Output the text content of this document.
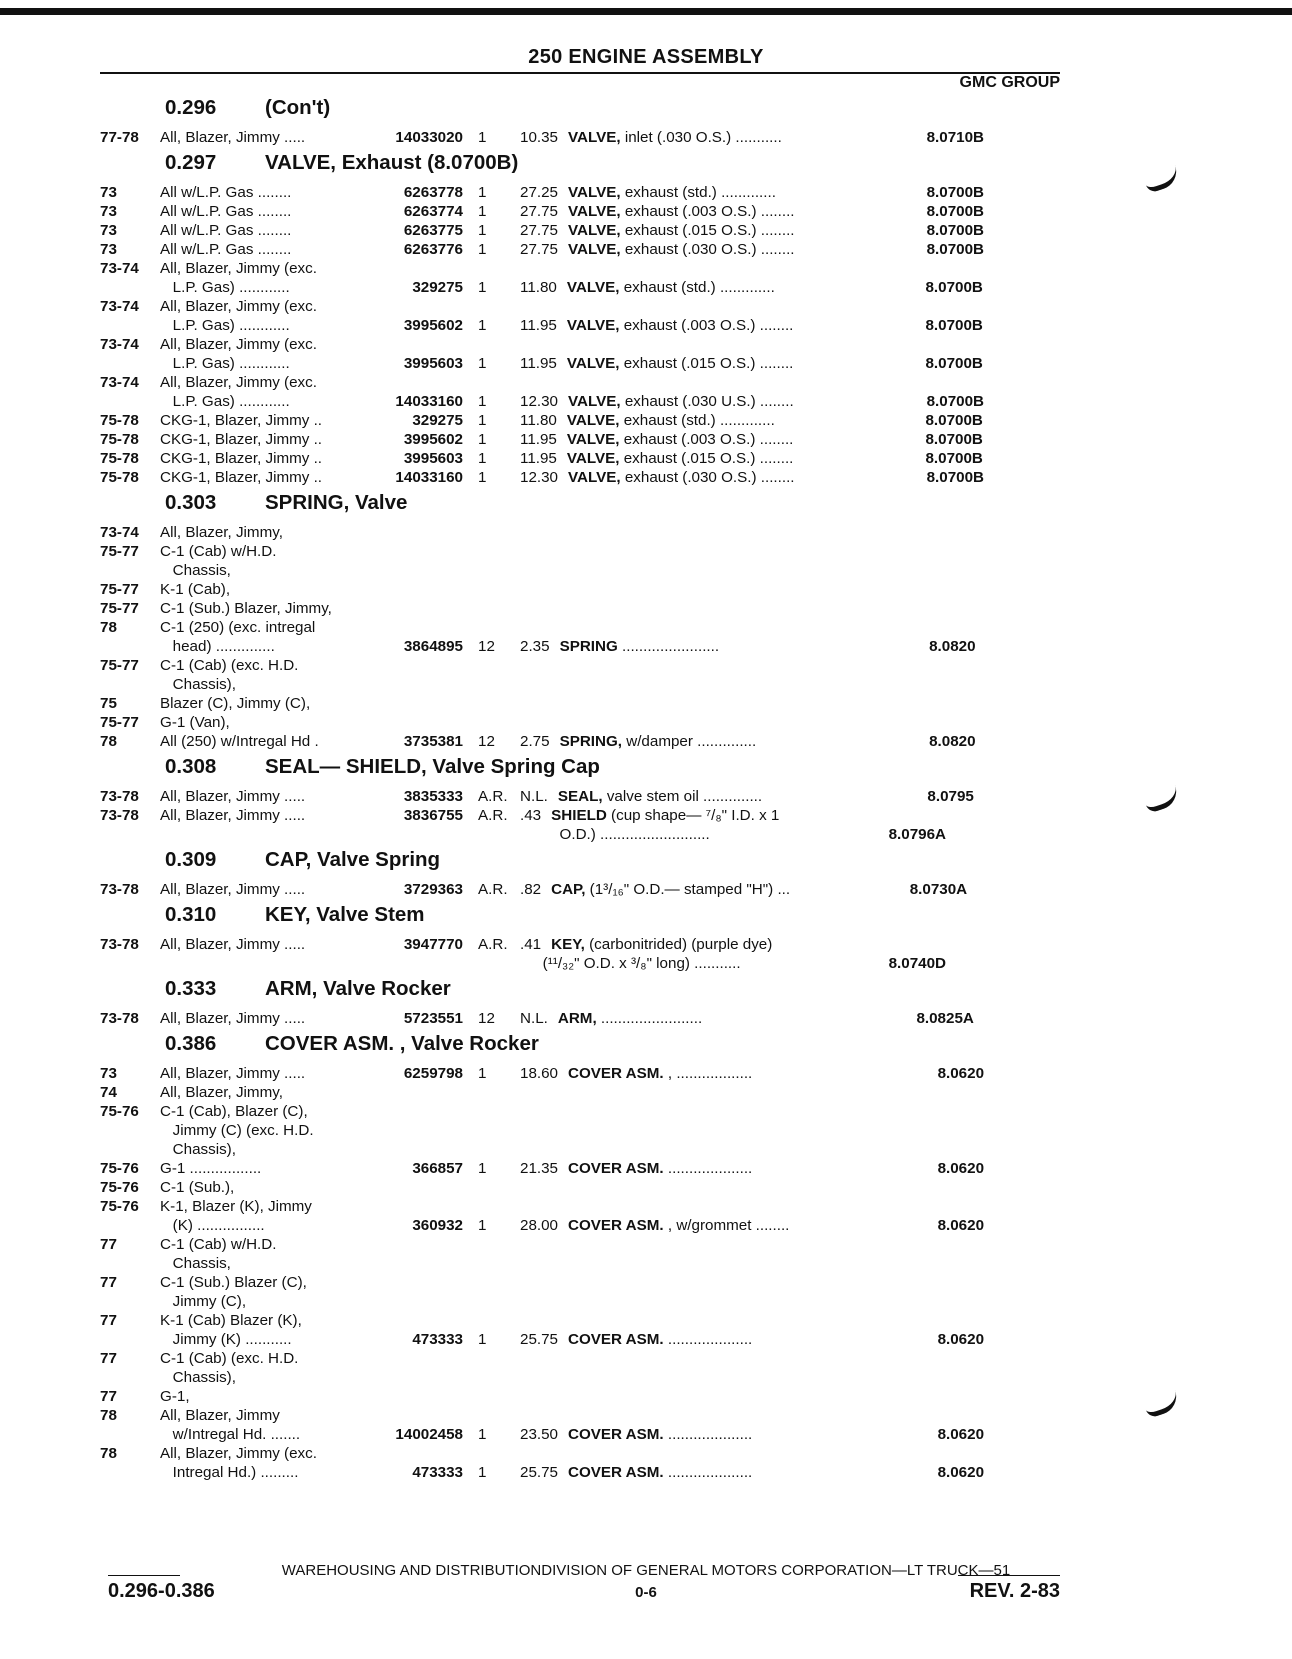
250 ENGINE ASSEMBLY
GMC GROUP
0.296	(Con't)
77-78	All, Blazer, Jimmy .....	14033020 1	10.35 VALVE, inlet (.030 O.S.) ...........	8.0710B
0.297	VALVE, Exhaust (8.0700B)
73	All w/L.P. Gas ........	6263778 1	27.25 VALVE, exhaust (std.) .............	8.0700B
73	All w/L.P. Gas ........	6263774 1	27.75 VALVE, exhaust (.003 O.S.) ........	8.0700B
73	All w/L.P. Gas ........	6263775 1	27.75 VALVE, exhaust (.015 O.S.) ........	8.0700B
73	All w/L.P. Gas ........	6263776 1	27.75 VALVE, exhaust (.030 O.S.) ........	8.0700B
73-74	All, Blazer, Jimmy (exc.
L.P. Gas) ............	329275 1	11.80 VALVE, exhaust (std.) .............	8.0700B
73-74	All, Blazer, Jimmy (exc.
L.P. Gas) ............	3995602 1	11.95 VALVE, exhaust (.003 O.S.) ........	8.0700B
73-74	All, Blazer, Jimmy (exc.
L.P. Gas) ............	3995603 1	11.95 VALVE, exhaust (.015 O.S.) ........	8.0700B
73-74	All, Blazer, Jimmy (exc.
L.P. Gas) ............	14033160 1	12.30 VALVE, exhaust (.030 U.S.) ........	8.0700B
75-78	CKG-1, Blazer, Jimmy ..	329275 1	11.80 VALVE, exhaust (std.) .............	8.0700B
75-78	CKG-1, Blazer, Jimmy ..	3995602 1	11.95 VALVE, exhaust (.003 O.S.) ........	8.0700B
75-78	CKG-1, Blazer, Jimmy ..	3995603 1	11.95 VALVE, exhaust (.015 O.S.) ........	8.0700B
75-78	CKG-1, Blazer, Jimmy ..	14033160 1	12.30 VALVE, exhaust (.030 O.S.) ........	8.0700B
0.303	SPRING, Valve
73-74	All, Blazer, Jimmy,
75-77	C-1 (Cab) w/H.D.
Chassis,
75-77	K-1 (Cab),
75-77	C-1 (Sub.) Blazer, Jimmy,
78	C-1 (250) (exc. intregal
head) ..............	3864895 12	2.35 SPRING .......................	8.0820
75-77	C-1 (Cab) (exc. H.D.
Chassis),
75	Blazer (C), Jimmy (C),
75-77	G-1 (Van),
78	All (250) w/Intregal Hd .	3735381 12	2.75 SPRING, w/damper ..............	8.0820
0.308	SEAL— SHIELD, Valve Spring Cap
73-78	All, Blazer, Jimmy .....	3835333 A.R. N.L. SEAL, valve stem oil ..............	8.0795
73-78	All, Blazer, Jimmy .....	3836755 A.R. .43 SHIELD (cup shape— ⁷/₈" I.D. x 1
O.D.) ..........................	8.0796A
0.309	CAP, Valve Spring
73-78	All, Blazer, Jimmy .....	3729363 A.R. .82 CAP, (1³/₁₆" O.D.— stamped "H") ...	8.0730A
0.310	KEY, Valve Stem
73-78	All, Blazer, Jimmy .....	3947770 A.R. .41 KEY, (carbonitrided) (purple dye)
(¹¹/₃₂" O.D. x ³/₈" long) ...........	8.0740D
0.333	ARM, Valve Rocker
73-78	All, Blazer, Jimmy .....	5723551 12	N.L. ARM, ........................	8.0825A
0.386	COVER ASM. , Valve Rocker
73	All, Blazer, Jimmy .....	6259798 1	18.60 COVER ASM. , ..................	8.0620
74	All, Blazer, Jimmy,
75-76	C-1 (Cab), Blazer (C),
Jimmy (C) (exc. H.D.
Chassis),
75-76	G-1 .................	366857 1	21.35 COVER ASM. ....................	8.0620
75-76	C-1 (Sub.),
75-76	K-1, Blazer (K), Jimmy
(K) ................	360932 1	28.00 COVER ASM. , w/grommet ........	8.0620
77	C-1 (Cab) w/H.D.
Chassis,
77	C-1 (Sub.) Blazer (C),
Jimmy (C),
77	K-1 (Cab) Blazer (K),
Jimmy (K) ...........	473333 1	25.75 COVER ASM. ....................	8.0620
77	C-1 (Cab) (exc. H.D.
Chassis),
77	G-1,
78	All, Blazer, Jimmy
w/Intregal Hd. .......	14002458 1	23.50 COVER ASM. ....................	8.0620
78	All, Blazer, Jimmy (exc.
Intregal Hd.) .........	473333 1	25.75 COVER ASM. ....................	8.0620
WAREHOUSING AND DISTRIBUTIONDIVISION OF GENERAL MOTORS CORPORATION—LT TRUCK—51
0.296-0.386	0-6	REV. 2-83
